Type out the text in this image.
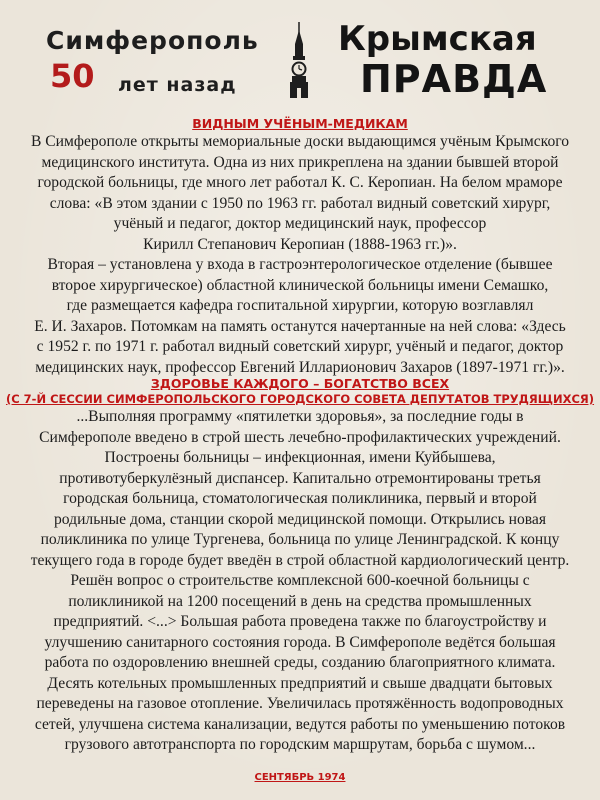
Симферополь
50 лет назад
Крымская
ПРАВДА

ВИДНЫМ УЧЁНЫМ-МЕДИКАМ

В Симферополе открыты мемориальные доски выдающимся учёным Крымского

медицинского института. Одна из них прикреплена на здании бывшей второй

городской больницы, где много лет работал К. С. Керопиан. На белом мраморе

слова: «В этом здании с 1950 по 1963 гг. работал видный советский хирург,

учёный и педагог, доктор медицинский наук, профессор

Кирилл Степанович Керопиан (1888-1963 гг.)».

Вторая – установлена у входа в гастроэнтерологическое отделение (бывшее

второе хирургическое) областной клинической больницы имени Семашко,

где размещается кафедра госпитальной хирургии, которую возглавлял

Е. И. Захаров. Потомкам на память останутся начертанные на ней слова: «Здесь

с 1952 г. по 1971 г. работал видный советский хирург, учёный и педагог, доктор

медицинских наук, профессор Евгений Илларионович Захаров (1897-1971 гг.)».

ЗДОРОВЬЕ КАЖДОГО – БОГАТСТВО ВСЕХ

(С 7-Й СЕССИИ СИМФЕРОПОЛЬСКОГО ГОРОДСКОГО СОВЕТА ДЕПУТАТОВ ТРУДЯЩИХСЯ)

...Выполняя программу «пятилетки здоровья», за последние годы в

Симферополе введено в строй шесть лечебно-профилактических учреждений.

Построены больницы – инфекционная, имени Куйбышева,

противотуберкулёзный диспансер. Капитально отремонтированы третья

городская больница, стоматологическая поликлиника, первый и второй

родильные дома, станции скорой медицинской помощи. Открылись новая

поликлиника по улице Тургенева, больница по улице Ленинградской. К концу

текущего года в городе будет введён в строй областной кардиологический центр.

Решён вопрос о строительстве комплексной 600-коечной больницы с

поликлиникой на 1200 посещений в день на средства промышленных

предприятий. <...> Большая работа проведена также по благоустройству и

улучшению санитарного состояния города. В Симферополе ведётся большая

работа по оздоровлению внешней среды, созданию благоприятного климата.

Десять котельных промышленных предприятий и свыше двадцати бытовых

переведены на газовое отопление. Увеличилась протяжённость водопроводных

сетей, улучшена система канализации, ведутся работы по уменьшению потоков

грузового автотранспорта по городским маршрутам, борьба с шумом...

СЕНТЯБРЬ 1974
